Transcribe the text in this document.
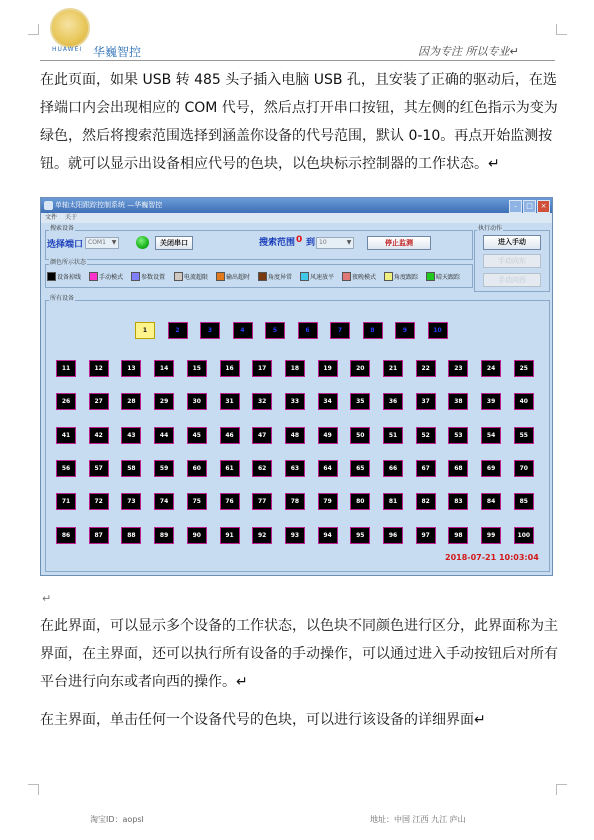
HUAWEI 华巍智控	因为专注 所以专业↵
在此页面，如果 USB 转 485 头子插入电脑 USB 孔，且安装了正确的驱动后，在选择端口内会出现相应的 COM 代号，然后点打开串口按钮，其左侧的红色指示为变为绿色，然后将搜索范围选择到涵盖你设备的代号范围，默认 0-10。再点开始监测按钮。就可以显示出设备相应代号的色块，以色块标示控制器的工作状态。↵
单轴太阳跟踪控制系统 —华巍智控	–	□	×
文件 关于
搜索设备
选择端口 COM1 ▼	关闭串口	搜索范围 0 到 10	▼	停止监测
执行动作
进入手动
手动向东
手动向西
颜色所示状态
设备掉线	手动模式	参数设置	电流超限	输出超时	角度异常	风速放平	夜晚模式	角度跟踪	晴天跟踪
所有设备
1	2	3	4	5	6	7	8	9	10
11	12	13	14	15	16	17	18	19	20	21	22	23	24	25
26	27	28	29	30	31	32	33	34	35	36	37	38	39	40
41	42	43	44	45	46	47	48	49	50	51	52	53	54	55
56	57	58	59	60	61	62	63	64	65	66	67	68	69	70
71	72	73	74	75	76	77	78	79	80	81	82	83	84	85
86	87	88	89	90	91	92	93	94	95	96	97	98	99	100
2018-07-21 10:03:04
↵
在此界面，可以显示多个设备的工作状态，以色块不同颜色进行区分，此界面称为主界面，在主界面，还可以执行所有设备的手动操作，可以通过进入手动按钮后对所有平台进行向东或者向西的操作。↵
在主界面，单击任何一个设备代号的色块，可以进行该设备的详细界面↵
淘宝ID：aopsl	地址：中国 江西 九江 庐山
